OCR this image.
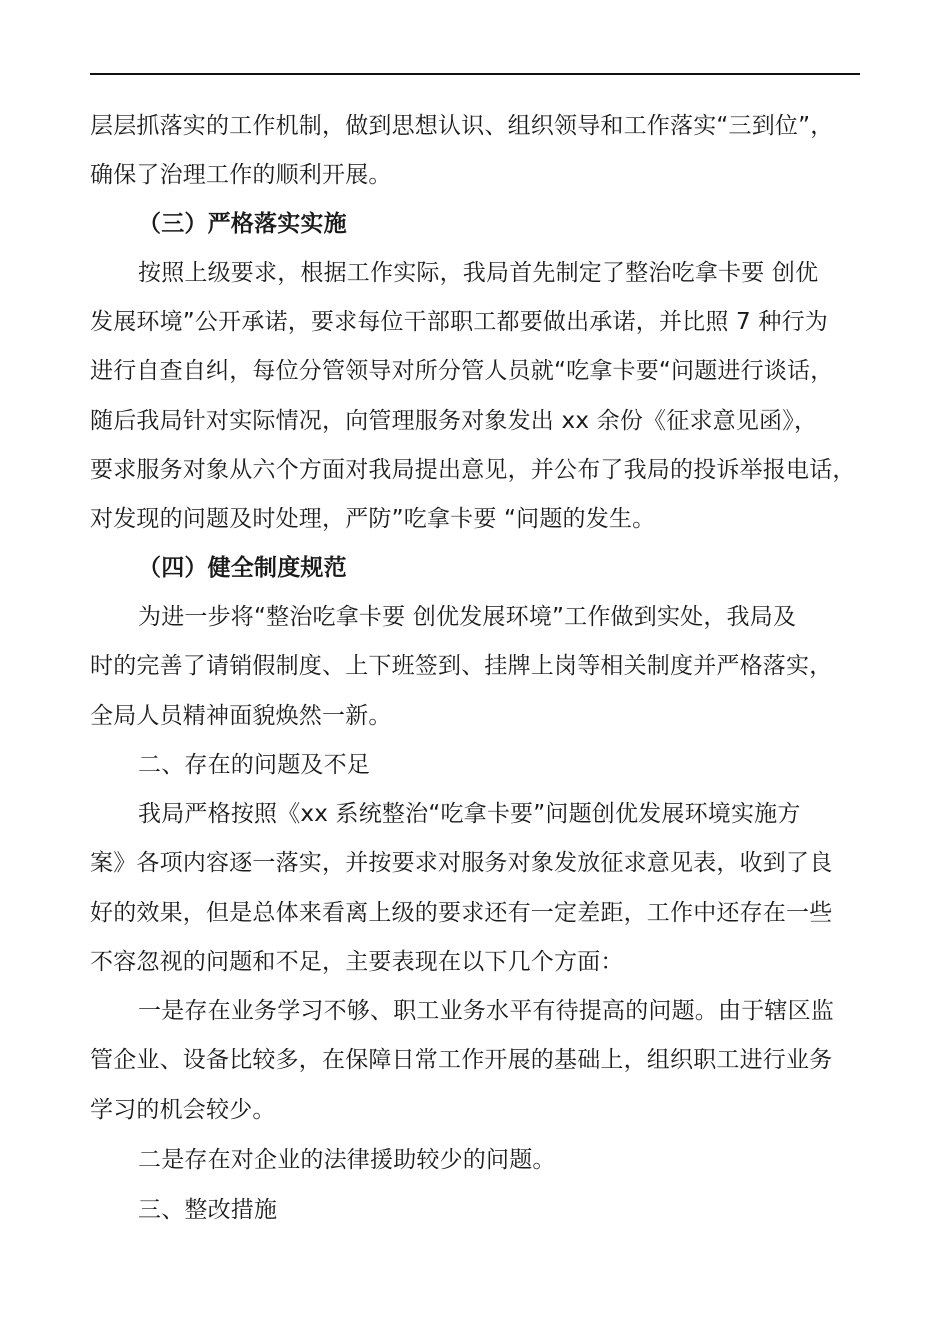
层层抓落实的工作机制，做到思想认识、组织领导和工作落实“三到位”，
确保了治理工作的顺利开展。
（三）严格落实实施
按照上级要求，根据工作实际，我局首先制定了整治吃拿卡要 创优
发展环境”公开承诺，要求每位干部职工都要做出承诺，并比照 7 种行为
进行自查自纠，每位分管领导对所分管人员就“吃拿卡要“问题进行谈话，
随后我局针对实际情况，向管理服务对象发出 xx 余份《征求意见函》，
要求服务对象从六个方面对我局提出意见，并公布了我局的投诉举报电话，
对发现的问题及时处理，严防”吃拿卡要 “问题的发生。
（四）健全制度规范
为进一步将“整治吃拿卡要 创优发展环境”工作做到实处，我局及
时的完善了请销假制度、上下班签到、挂牌上岗等相关制度并严格落实，
全局人员精神面貌焕然一新。
二、存在的问题及不足
我局严格按照《xx 系统整治“吃拿卡要”问题创优发展环境实施方
案》各项内容逐一落实，并按要求对服务对象发放征求意见表，收到了良
好的效果，但是总体来看离上级的要求还有一定差距，工作中还存在一些
不容忽视的问题和不足，主要表现在以下几个方面：
一是存在业务学习不够、职工业务水平有待提高的问题。由于辖区监
管企业、设备比较多，在保障日常工作开展的基础上，组织职工进行业务
学习的机会较少。
二是存在对企业的法律援助较少的问题。
三、整改措施
